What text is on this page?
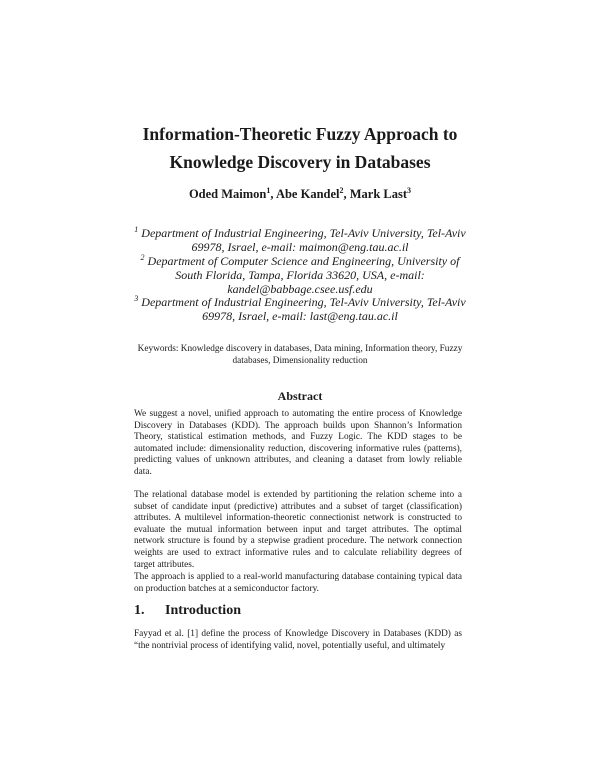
Information-Theoretic Fuzzy Approach to
Knowledge Discovery in Databases
Oded Maimon$^1$, Abe Kandel$^2$, Mark Last$^3$
$^1$ Department of Industrial Engineering, Tel-Aviv University, Tel-Aviv 69978, Israel, e-mail: maimon@eng.tau.ac.il
$^2$ Department of Computer Science and Engineering, University of South Florida, Tampa, Florida 33620, USA, e-mail: kandel@babbage.csee.usf.edu
$^3$ Department of Industrial Engineering, Tel-Aviv University, Tel-Aviv 69978, Israel, e-mail: last@eng.tau.ac.il
Keywords: Knowledge discovery in databases, Data mining, Information theory, Fuzzy databases, Dimensionality reduction
Abstract

We suggest a novel, unified approach to automating the entire process of Knowledge Discovery in Databases (KDD). The approach builds upon Shannon’s Information Theory, statistical estimation methods, and Fuzzy Logic. The KDD stages to be automated include: dimensionality reduction, discovering informative rules (patterns), predicting values of unknown attributes, and cleaning a dataset from lowly reliable data.

The relational database model is extended by partitioning the relation scheme into a subset of candidate input (predictive) attributes and a subset of target (classification) attributes. A multilevel information-theoretic connectionist network is constructed to evaluate the mutual information between input and target attributes. The optimal network structure is found by a stepwise gradient procedure. The network connection weights are used to extract informative rules and to calculate reliability degrees of target attributes.

The approach is applied to a real-world manufacturing database containing typical data on production batches at a semiconductor factory.

1. Introduction

Fayyad et al. [1] define the process of Knowledge Discovery in Databases (KDD) as “the nontrivial process of identifying valid, novel, potentially useful, and ultimately
